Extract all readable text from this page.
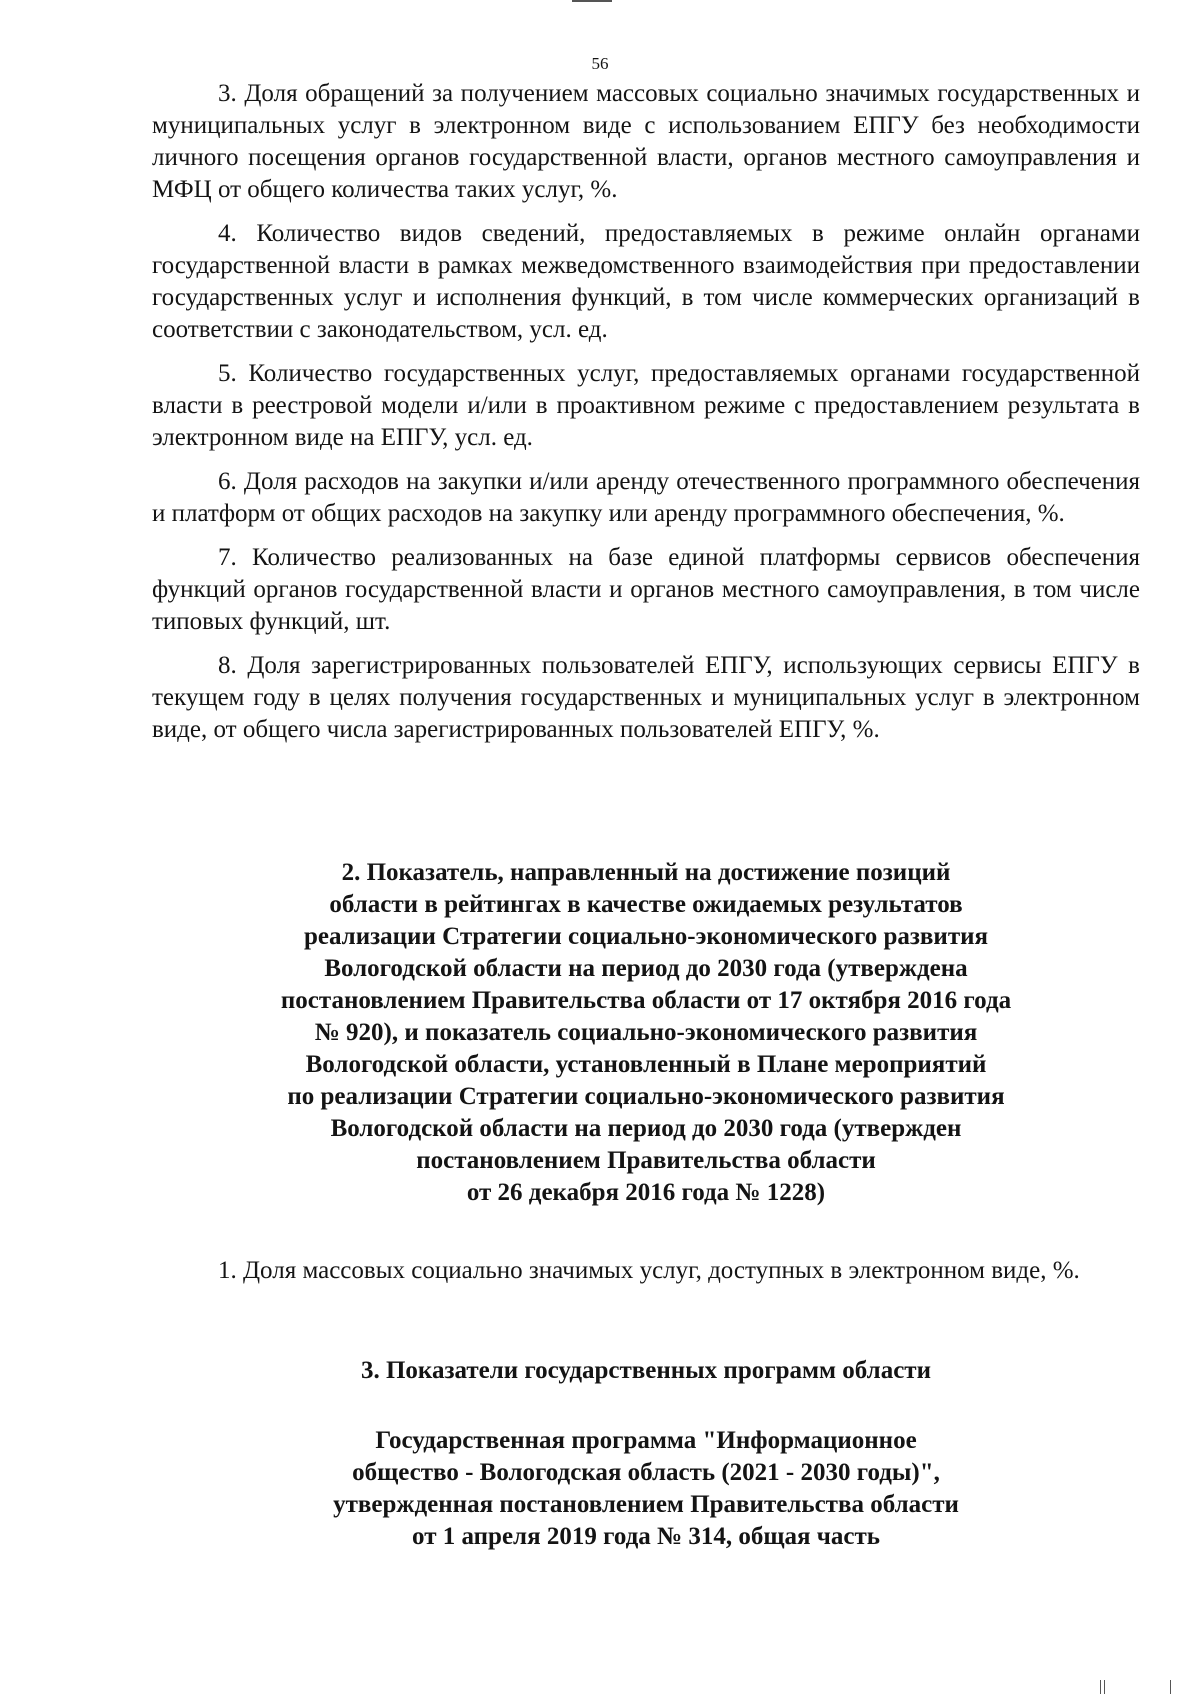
56

3. Доля обращений за получением массовых социально значимых государственных и муниципальных услуг в электронном виде с использованием ЕПГУ без необходимости личного посещения органов государственной власти, органов местного самоуправления и МФЦ от общего количества таких услуг, %.

4. Количество видов сведений, предоставляемых в режиме онлайн органами государственной власти в рамках межведомственного взаимодействия при предоставлении государственных услуг и исполнения функций, в том числе коммерческих организаций в соответствии с законодательством, усл. ед.

5. Количество государственных услуг, предоставляемых органами государственной власти в реестровой модели и/или в проактивном режиме с предоставлением результата в электронном виде на ЕПГУ, усл. ед.

6. Доля расходов на закупки и/или аренду отечественного программного обеспечения и платформ от общих расходов на закупку или аренду программного обеспечения, %.

7. Количество реализованных на базе единой платформы сервисов обеспечения функций органов государственной власти и органов местного самоуправления, в том числе типовых функций, шт.

8. Доля зарегистрированных пользователей ЕПГУ, использующих сервисы ЕПГУ в текущем году в целях получения государственных и муниципальных услуг в электронном виде, от общего числа зарегистрированных пользователей ЕПГУ, %.

2. Показатель, направленный на достижение позиций
области в рейтингах в качестве ожидаемых результатов
реализации Стратегии социально-экономического развития
Вологодской области на период до 2030 года (утверждена
постановлением Правительства области от 17 октября 2016 года
№ 920), и показатель социально-экономического развития
Вологодской области, установленный в Плане мероприятий
по реализации Стратегии социально-экономического развития
Вологодской области на период до 2030 года (утвержден
постановлением Правительства области
от 26 декабря 2016 года № 1228)

1. Доля массовых социально значимых услуг, доступных в электронном виде, %.

3. Показатели государственных программ области
Государственная программа "Информационное
общество - Вологодская область (2021 - 2030 годы)",
утвержденная постановлением Правительства области
от 1 апреля 2019 года № 314, общая часть
